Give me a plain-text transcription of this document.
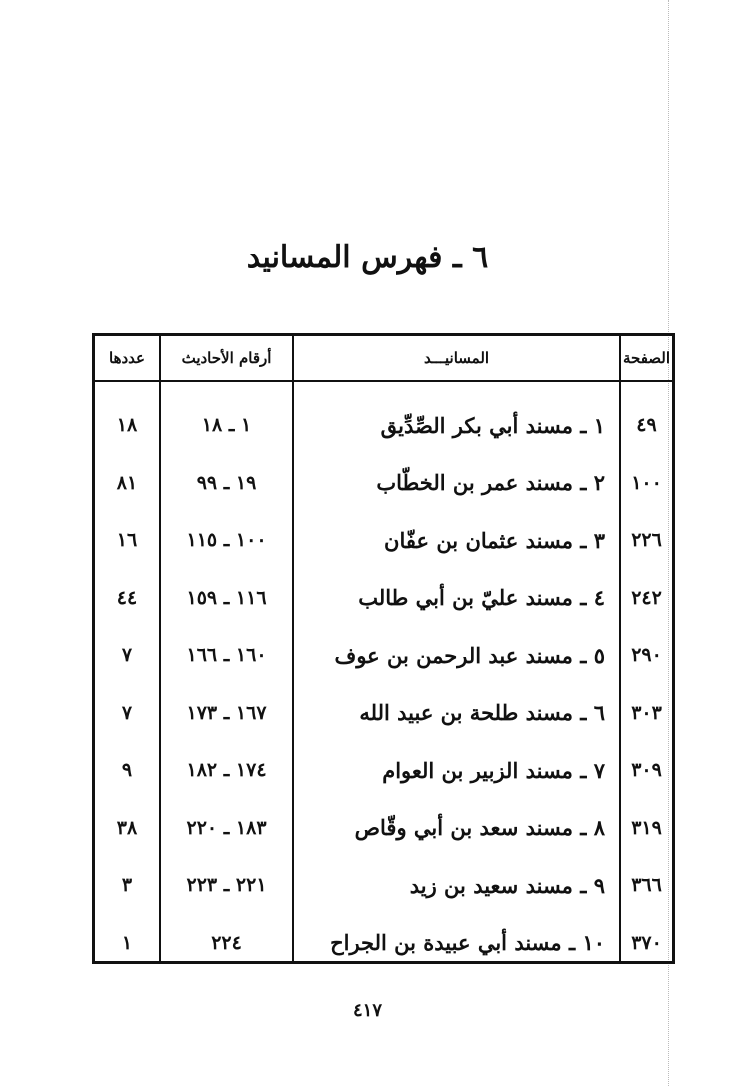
٦ ـ فهرس المسانيد
الصفحة
المسانيـــد
أرقام الأحاديث
عددها
٤٩
١ ـ مسند أبي بكر الصِّدِّيق
١ ـ ١٨
١٨
١٠٠
٢ ـ مسند عمر بن الخطّاب
١٩ ـ ٩٩
٨١
٢٢٦
٣ ـ مسند عثمان بن عفّان
١٠٠ ـ ١١٥
١٦
٢٤٢
٤ ـ مسند عليّ بن أبي طالب
١١٦ ـ ١٥٩
٤٤
٢٩٠
٥ ـ مسند عبد الرحمن بن عوف
١٦٠ ـ ١٦٦
٧
٣٠٣
٦ ـ مسند طلحة بن عبيد الله
١٦٧ ـ ١٧٣
٧
٣٠٩
٧ ـ مسند الزبير بن العوام
١٧٤ ـ ١٨٢
٩
٣١٩
٨ ـ مسند سعد بن أبي وقّاص
١٨٣ ـ ٢٢٠
٣٨
٣٦٦
٩ ـ مسند سعيد بن زيد
٢٢١ ـ ٢٢٣
٣
٣٧٠
١٠ ـ مسند أبي عبيدة بن الجراح
٢٢٤
١
٤١٧
